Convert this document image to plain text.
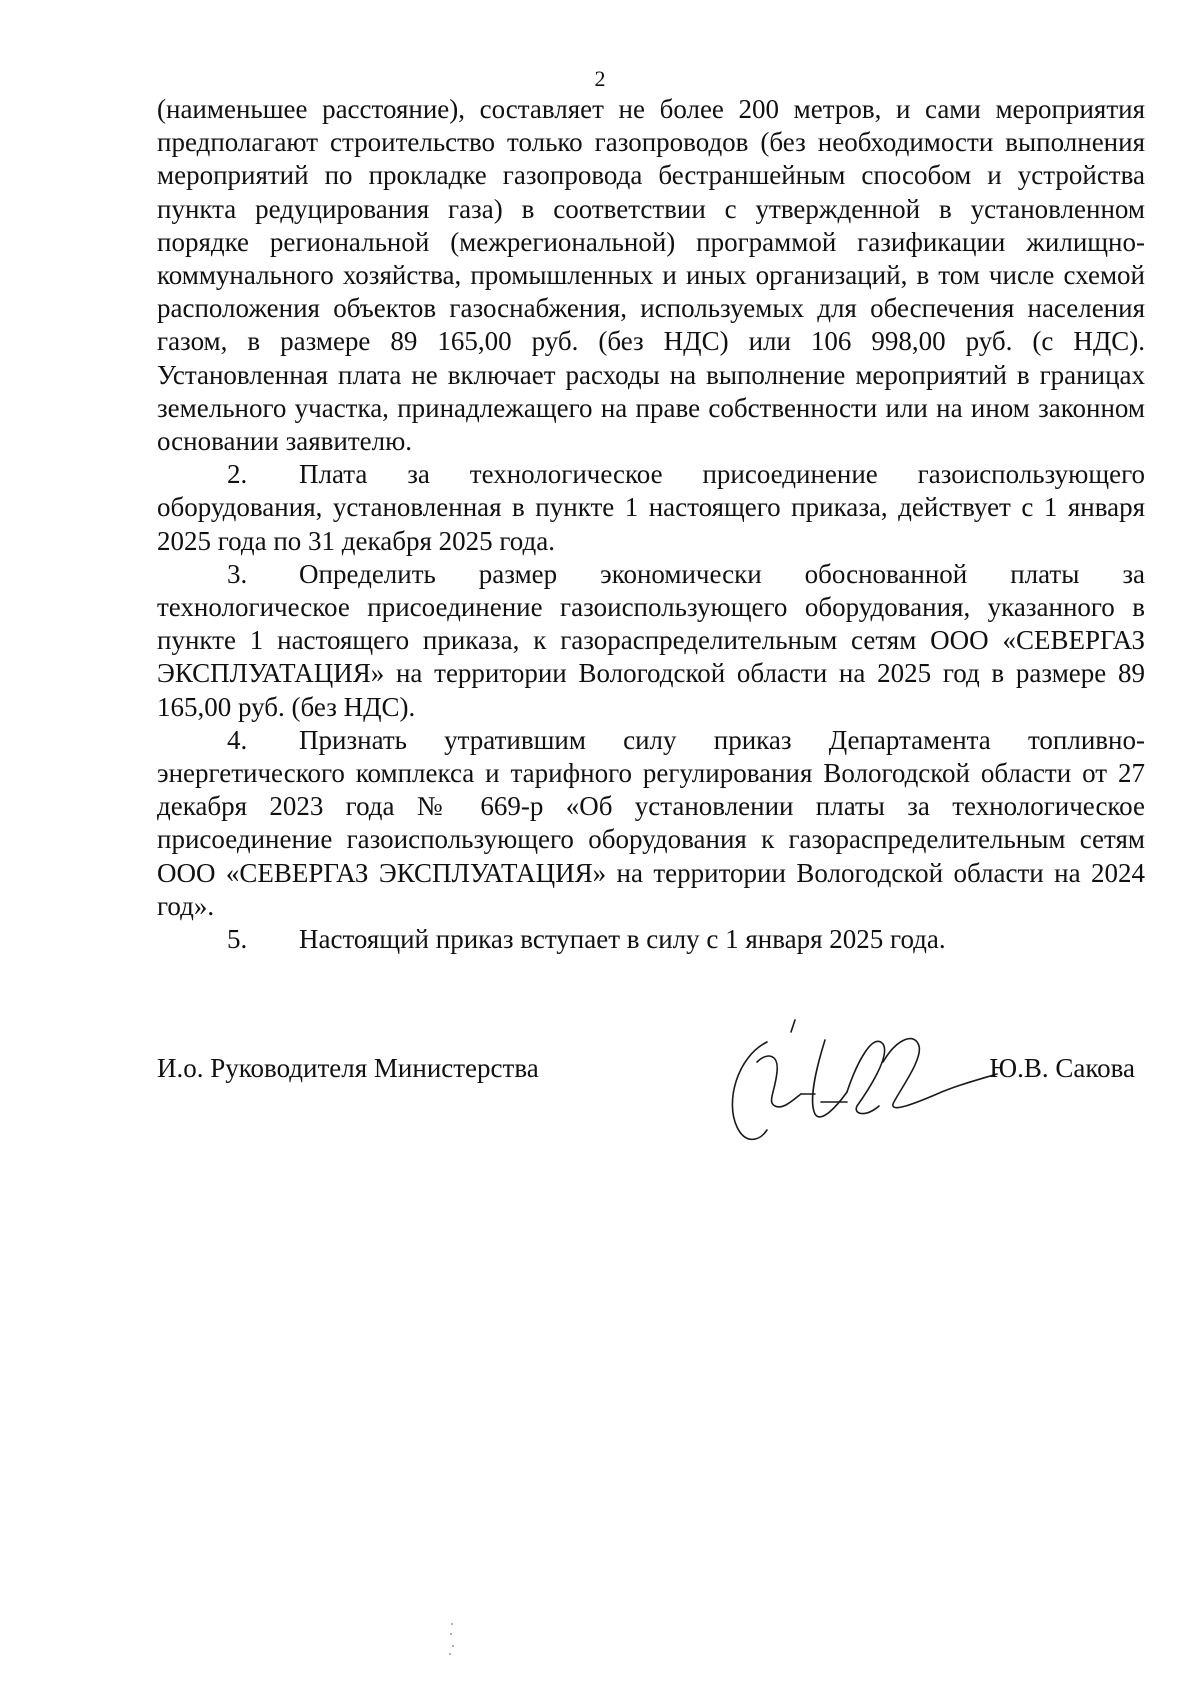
2

(наименьшее расстояние), составляет не более 200 метров, и сами мероприятия предполагают строительство только газопроводов (без необходимости выполнения мероприятий по прокладке газопровода бестраншейным способом и устройства пункта редуцирования газа) в соответствии с утвержденной в установленном порядке региональной (межрегиональной) программой газификации жилищно-коммунального хозяйства, промышленных и иных организаций, в том числе схемой расположения объектов газоснабжения, используемых для обеспечения населения газом, в размере 89 165,00 руб. (без НДС) или 106 998,00 руб. (с НДС). Установленная плата не включает расходы на выполнение мероприятий в границах земельного участка, принадлежащего на праве собственности или на ином законном основании заявителю.

2. Плата за технологическое присоединение газоиспользующего оборудования, установленная в пункте 1 настоящего приказа, действует с 1 января 2025 года по 31 декабря 2025 года.

3. Определить размер экономически обоснованной платы за технологическое присоединение газоиспользующего оборудования, указанного в пункте 1 настоящего приказа, к газораспределительным сетям ООО «СЕВЕРГАЗ ЭКСПЛУАТАЦИЯ» на территории Вологодской области на 2025 год в размере 89 165,00 руб. (без НДС).

4. Признать утратившим силу приказ Департамента топливно-энергетического комплекса и тарифного регулирования Вологодской области от 27 декабря 2023 года № 669-р «Об установлении платы за технологическое присоединение газоиспользующего оборудования к газораспределительным сетям ООО «СЕВЕРГАЗ ЭКСПЛУАТАЦИЯ» на территории Вологодской области на 2024 год».

5. Настоящий приказ вступает в силу с 1 января 2025 года.

И.о. Руководителя Министерства	Ю.В. Сакова
